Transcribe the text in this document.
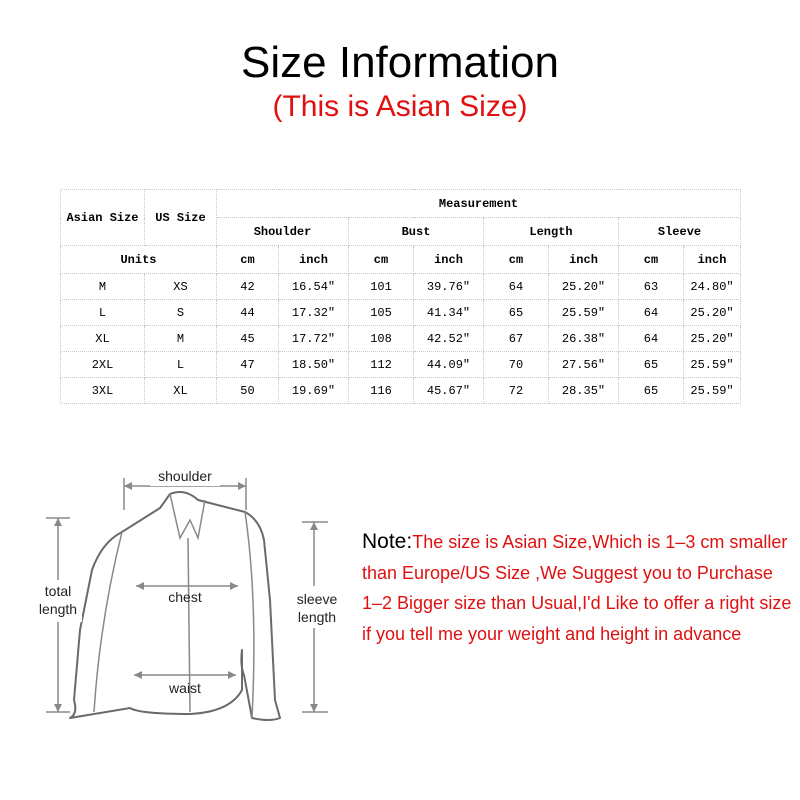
Size Information
(This is Asian Size)
Asian Size	US Size	Measurement							
		Shoulder		Bust		Length		Sleeve	
Units		cm	inch	cm	inch	cm	inch	cm	inch
M	XS	42	16.54″	101	39.76″	64	25.20″	63	24.80″
L	S	44	17.32″	105	41.34″	65	25.59″	64	25.20″
XL	M	45	17.72″	108	42.52″	67	26.38″	64	25.20″
2XL	L	47	18.50″	112	44.09″	70	27.56″	65	25.59″
3XL	XL	50	19.69″	116	45.67″	72	28.35″	65	25.59″
shoulder
chest
waist
total
length
sleeve
length
Note:The size is Asian Size,Which is 1–3 cm smaller than Europe/US Size ,We Suggest you to Purchase 1–2 Bigger size than Usual,I'd Like to offer a right size if you tell me your weight and height in advance
